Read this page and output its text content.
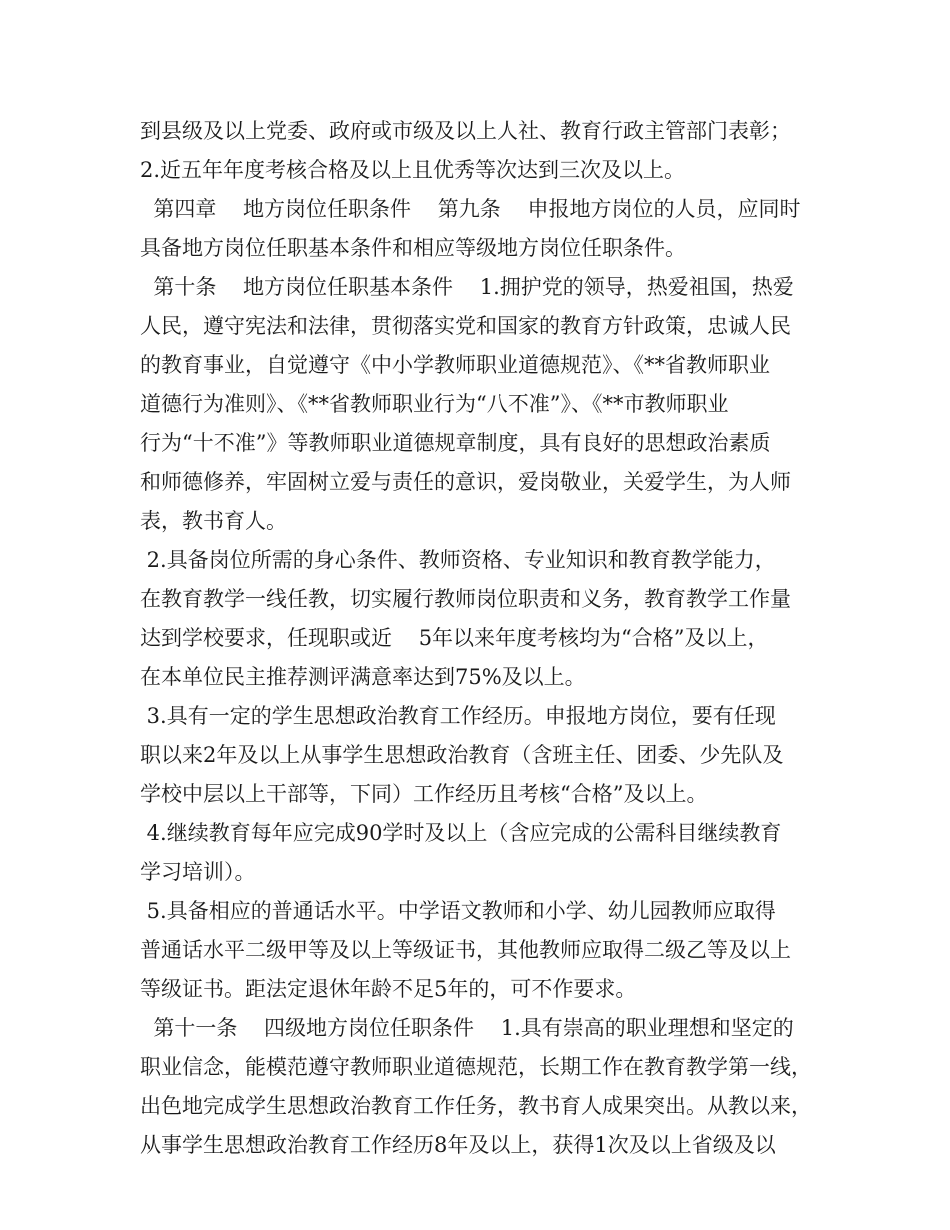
到县级及以上党委、政府或市级及以上人社、教育行政主管部门表彰；
2.近五年年度考核合格及以上且优秀等次达到三次及以上。
第四章    地方岗位任职条件    第九条    申报地方岗位的人员，应同时
具备地方岗位任职基本条件和相应等级地方岗位任职条件。
第十条    地方岗位任职基本条件    1.拥护党的领导，热爱祖国，热爱
人民，遵守宪法和法律，贯彻落实党和国家的教育方针政策，忠诚人民
的教育事业，自觉遵守《中小学教师职业道德规范》、《**省教师职业
道德行为准则》、《**省教师职业行为“八不准”》、《**市教师职业
行为“十不准”》等教师职业道德规章制度，具有良好的思想政治素质
和师德修养，牢固树立爱与责任的意识，爱岗敬业，关爱学生，为人师
表，教书育人。
2.具备岗位所需的身心条件、教师资格、专业知识和教育教学能力，
在教育教学一线任教，切实履行教师岗位职责和义务，教育教学工作量
达到学校要求，任现职或近    5年以来年度考核均为“合格”及以上，
在本单位民主推荐测评满意率达到75%及以上。
3.具有一定的学生思想政治教育工作经历。申报地方岗位，要有任现
职以来2年及以上从事学生思想政治教育（含班主任、团委、少先队及
学校中层以上干部等，下同）工作经历且考核“合格”及以上。
4.继续教育每年应完成90学时及以上（含应完成的公需科目继续教育
学习培训）。
5.具备相应的普通话水平。中学语文教师和小学、幼儿园教师应取得
普通话水平二级甲等及以上等级证书，其他教师应取得二级乙等及以上
等级证书。距法定退休年龄不足5年的，可不作要求。
第十一条    四级地方岗位任职条件    1.具有崇高的职业理想和坚定的
职业信念，能模范遵守教师职业道德规范，长期工作在教育教学第一线，
出色地完成学生思想政治教育工作任务，教书育人成果突出。从教以来，
从事学生思想政治教育工作经历8年及以上，获得1次及以上省级及以
